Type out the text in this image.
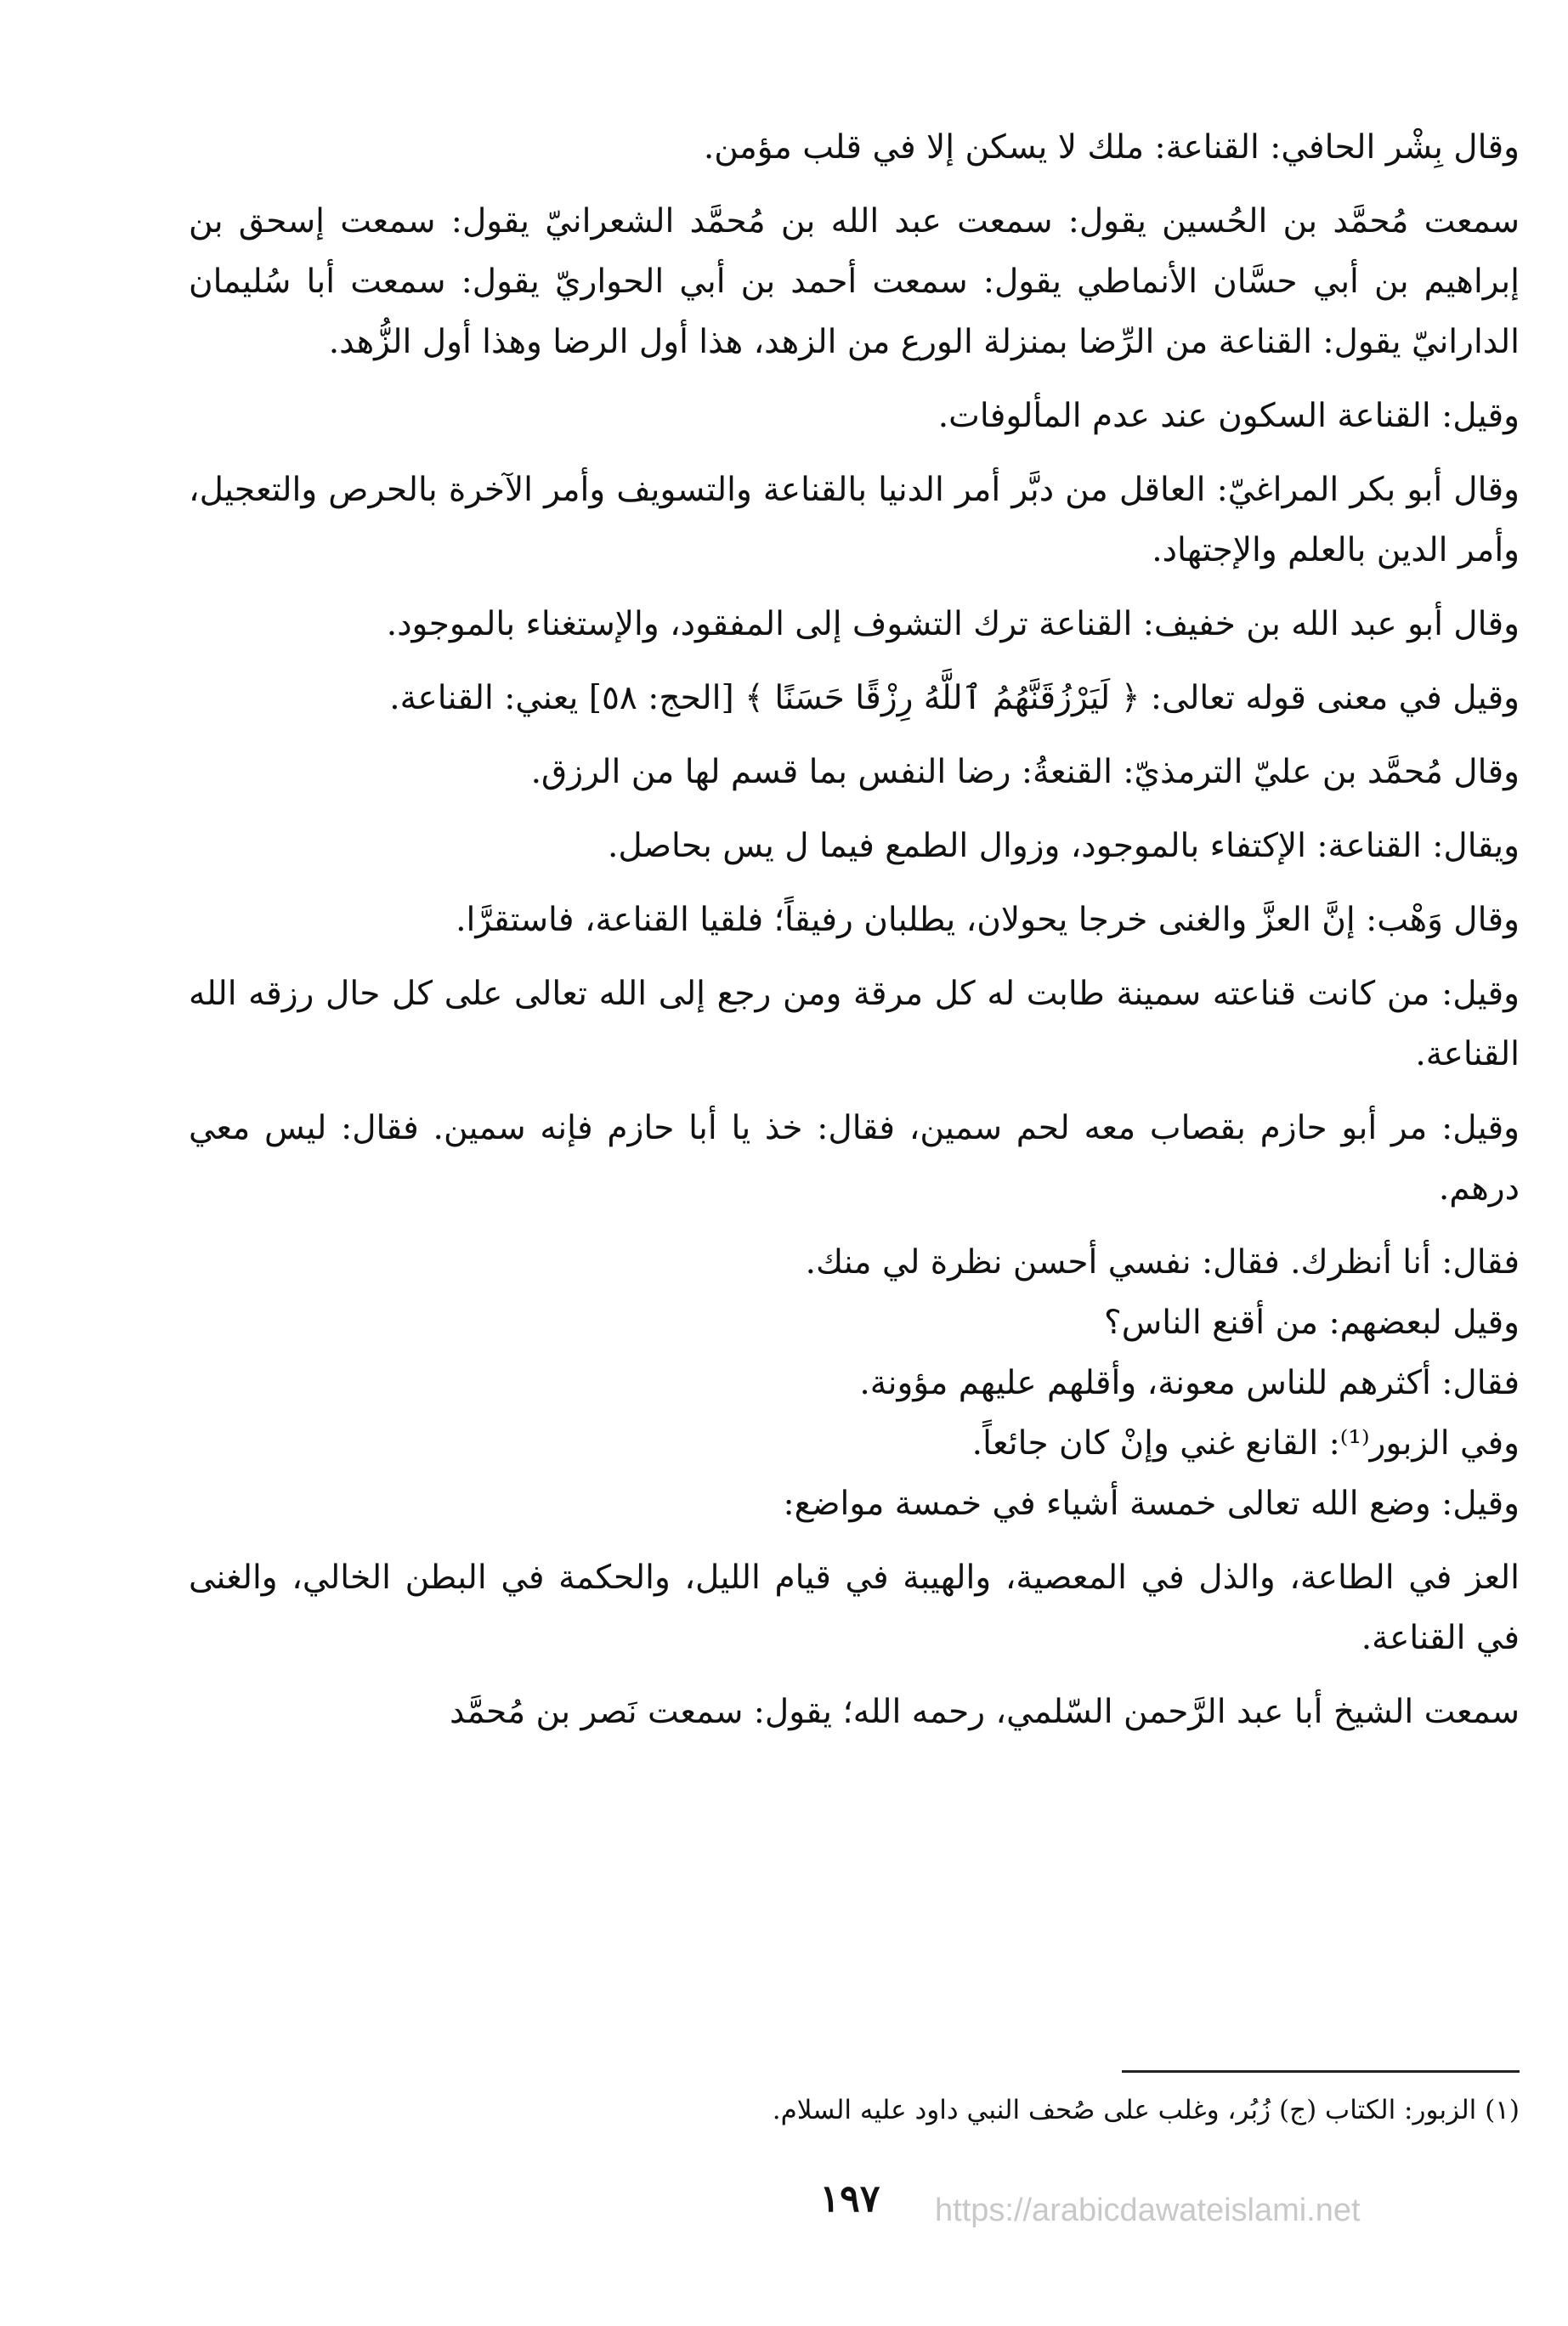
وقال بِشْر الحافي: القناعة: ملك لا يسكن إلا في قلب مؤمن.

سمعت مُحمَّد بن الحُسين يقول: سمعت عبد الله بن مُحمَّد الشعرانيّ يقول: سمعت إسحق بن إبراهيم بن أبي حسَّان الأنماطي يقول: سمعت أحمد بن أبي الحواريّ يقول: سمعت أبا سُليمان الدارانيّ يقول: القناعة من الرِّضا بمنزلة الورع من الزهد، هذا أول الرضا وهذا أول الزُّهد.

وقيل: القناعة السكون عند عدم المألوفات.

وقال أبو بكر المراغيّ: العاقل من دبَّر أمر الدنيا بالقناعة والتسويف وأمر الآخرة بالحرص والتعجيل، وأمر الدين بالعلم والإجتهاد.

وقال أبو عبد الله بن خفيف: القناعة ترك التشوف إلى المفقود، والإستغناء بالموجود.

وقيل في معنى قوله تعالى: ﴿ لَيَرْزُقَنَّهُمُ ٱللَّهُ رِزْقًا حَسَنًا ﴾ [الحج: ٥٨] يعني: القناعة.

وقال مُحمَّد بن عليّ الترمذيّ: القنعةُ: رضا النفس بما قسم لها من الرزق.

ويقال: القناعة: الإكتفاء بالموجود، وزوال الطمع فيما ل يس بحاصل.

وقال وَهْب: إنَّ العزَّ والغنى خرجا يحولان، يطلبان رفيقاً؛ فلقيا القناعة، فاستقرَّا.

وقيل: من كانت قناعته سمينة طابت له كل مرقة ومن رجع إلى الله تعالى على كل حال رزقه الله القناعة.

وقيل: مر أبو حازم بقصاب معه لحم سمين، فقال: خذ يا أبا حازم فإنه سمين. فقال: ليس معي درهم.

فقال: أنا أنظرك. فقال: نفسي أحسن نظرة لي منك.

وقيل لبعضهم: من أقنع الناس؟

فقال: أكثرهم للناس معونة، وأقلهم عليهم مؤونة.

وفي الزبور⁽¹⁾: القانع غني وإنْ كان جائعاً.

وقيل: وضع الله تعالى خمسة أشياء في خمسة مواضع:

العز في الطاعة، والذل في المعصية، والهيبة في قيام الليل، والحكمة في البطن الخالي، والغنى في القناعة.

سمعت الشيخ أبا عبد الرَّحمن السّلمي، رحمه الله؛ يقول: سمعت نَصر بن مُحمَّد

(١) الزبور: الكتاب (ج) زُبُر، وغلب على صُحف النبي داود عليه السلام.
١٩٧	https://arabicdawateislami.net
